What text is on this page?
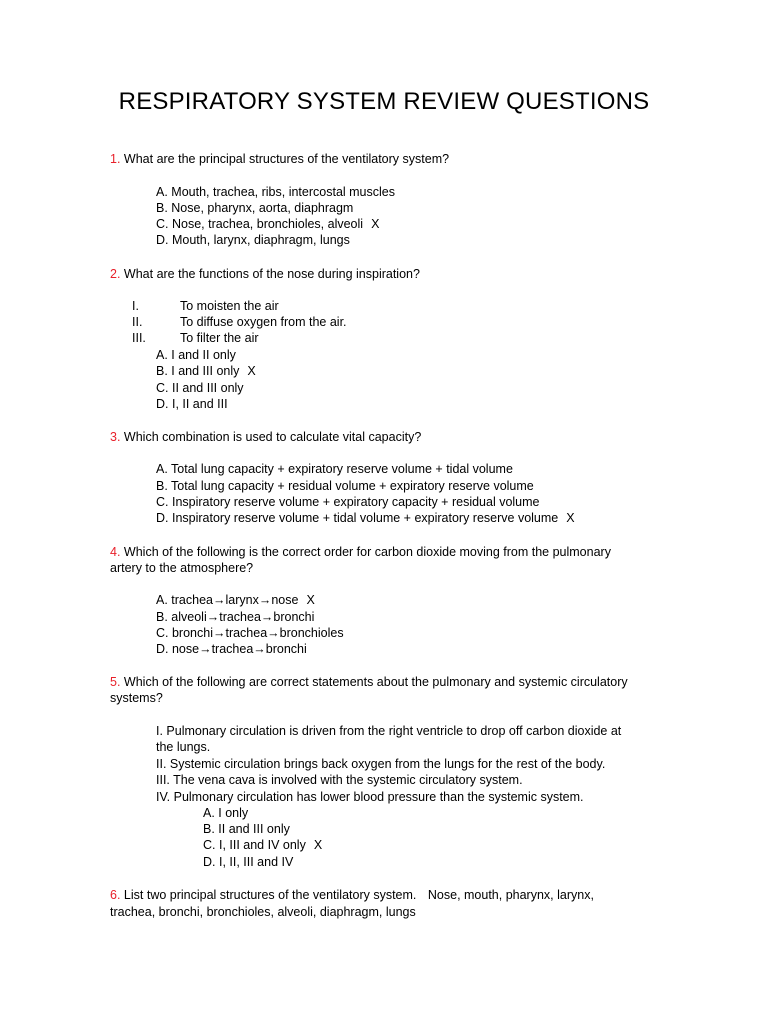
RESPIRATORY SYSTEM REVIEW QUESTIONS
1. What are the principal structures of the ventilatory system?
A. Mouth, trachea, ribs, intercostal muscles
B. Nose, pharynx, aorta, diaphragm
C. Nose, trachea, bronchioles, alveoli X
D. Mouth, larynx, diaphragm, lungs
2. What are the functions of the nose during inspiration?
I.	To moisten the air
II.	To diffuse oxygen from the air.
III.	To filter the air
A. I and II only
B. I and III only X
C. II and III only
D. I, II and III
3. Which combination is used to calculate vital capacity?
A. Total lung capacity + expiratory reserve volume + tidal volume
B. Total lung capacity + residual volume + expiratory reserve volume
C. Inspiratory reserve volume + expiratory capacity + residual volume
D. Inspiratory reserve volume + tidal volume + expiratory reserve volume X
4. Which of the following is the correct order for carbon dioxide moving from the pulmonary
artery to the atmosphere?
A. trachea→larynx→nose X
B. alveoli→trachea→bronchi
C. bronchi→trachea→bronchioles
D. nose→trachea→bronchi
5. Which of the following are correct statements about the pulmonary and systemic circulatory
systems?
I. Pulmonary circulation is driven from the right ventricle to drop off carbon dioxide at
the lungs.
II. Systemic circulation brings back oxygen from the lungs for the rest of the body.
III. The vena cava is involved with the systemic circulatory system.
IV. Pulmonary circulation has lower blood pressure than the systemic system.
A. I only
B. II and III only
C. I, III and IV only X
D. I, II, III and IV
6. List two principal structures of the ventilatory system. Nose, mouth, pharynx, larynx,
trachea, bronchi, bronchioles, alveoli, diaphragm, lungs
